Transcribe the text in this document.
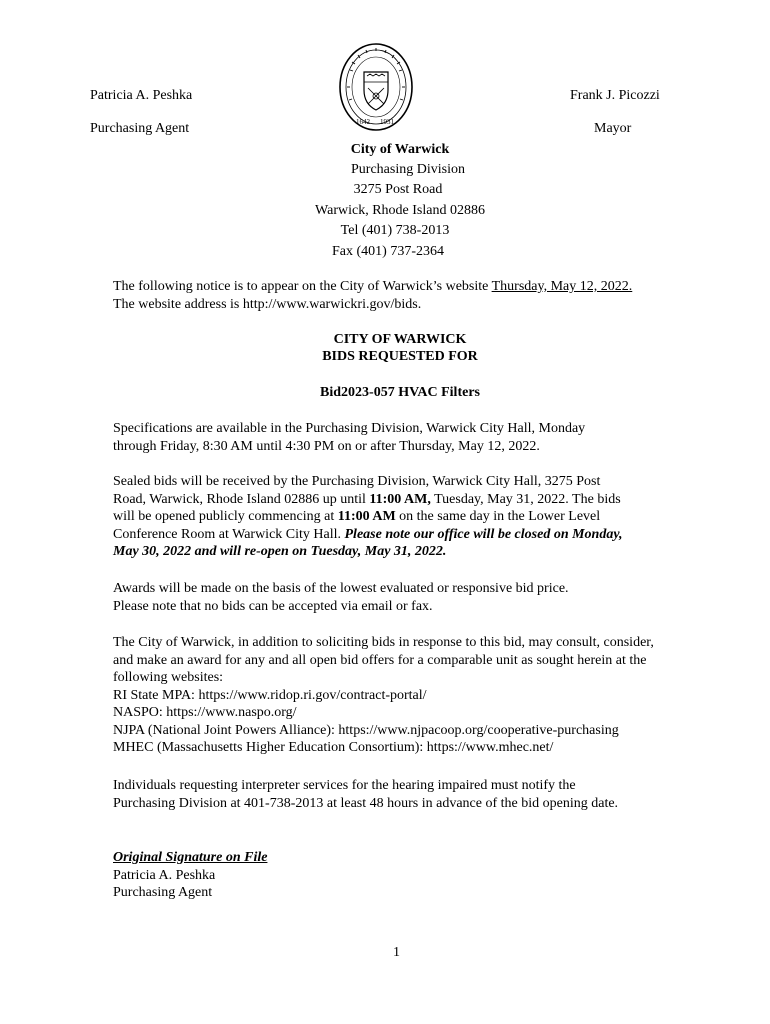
Patricia A. Peshka
Purchasing Agent
Frank J. Picozzi
Mayor
1642 1931
City of Warwick
Purchasing Division
3275 Post Road
Warwick, Rhode Island 02886
Tel (401) 738-2013
Fax (401) 737-2364

The following notice is to appear on the City of Warwick’s website Thursday, May 12, 2022.

The website address is http://www.warwickri.gov/bids.

CITY OF WARWICK
BIDS REQUESTED FOR
Bid2023-057 HVAC Filters

Specifications are available in the Purchasing Division, Warwick City Hall, Monday

through Friday, 8:30 AM until 4:30 PM on or after Thursday, May 12, 2022.

Sealed bids will be received by the Purchasing Division, Warwick City Hall, 3275 Post

Road, Warwick, Rhode Island 02886 up until 11:00 AM, Tuesday, May 31, 2022. The bids

will be opened publicly commencing at 11:00 AM on the same day in the Lower Level

Conference Room at Warwick City Hall. Please note our office will be closed on Monday,

May 30, 2022 and will re-open on Tuesday, May 31, 2022.

Awards will be made on the basis of the lowest evaluated or responsive bid price.

Please note that no bids can be accepted via email or fax.

The City of Warwick, in addition to soliciting bids in response to this bid, may consult, consider,

and make an award for any and all open bid offers for a comparable unit as sought herein at the

following websites:

RI State MPA: https://www.ridop.ri.gov/contract-portal/

NASPO: https://www.naspo.org/

NJPA (National Joint Powers Alliance): https://www.njpacoop.org/cooperative-purchasing

MHEC (Massachusetts Higher Education Consortium): https://www.mhec.net/

Individuals requesting interpreter services for the hearing impaired must notify the

Purchasing Division at 401-738-2013 at least 48 hours in advance of the bid opening date.

Original Signature on File

Patricia A. Peshka

Purchasing Agent

1
